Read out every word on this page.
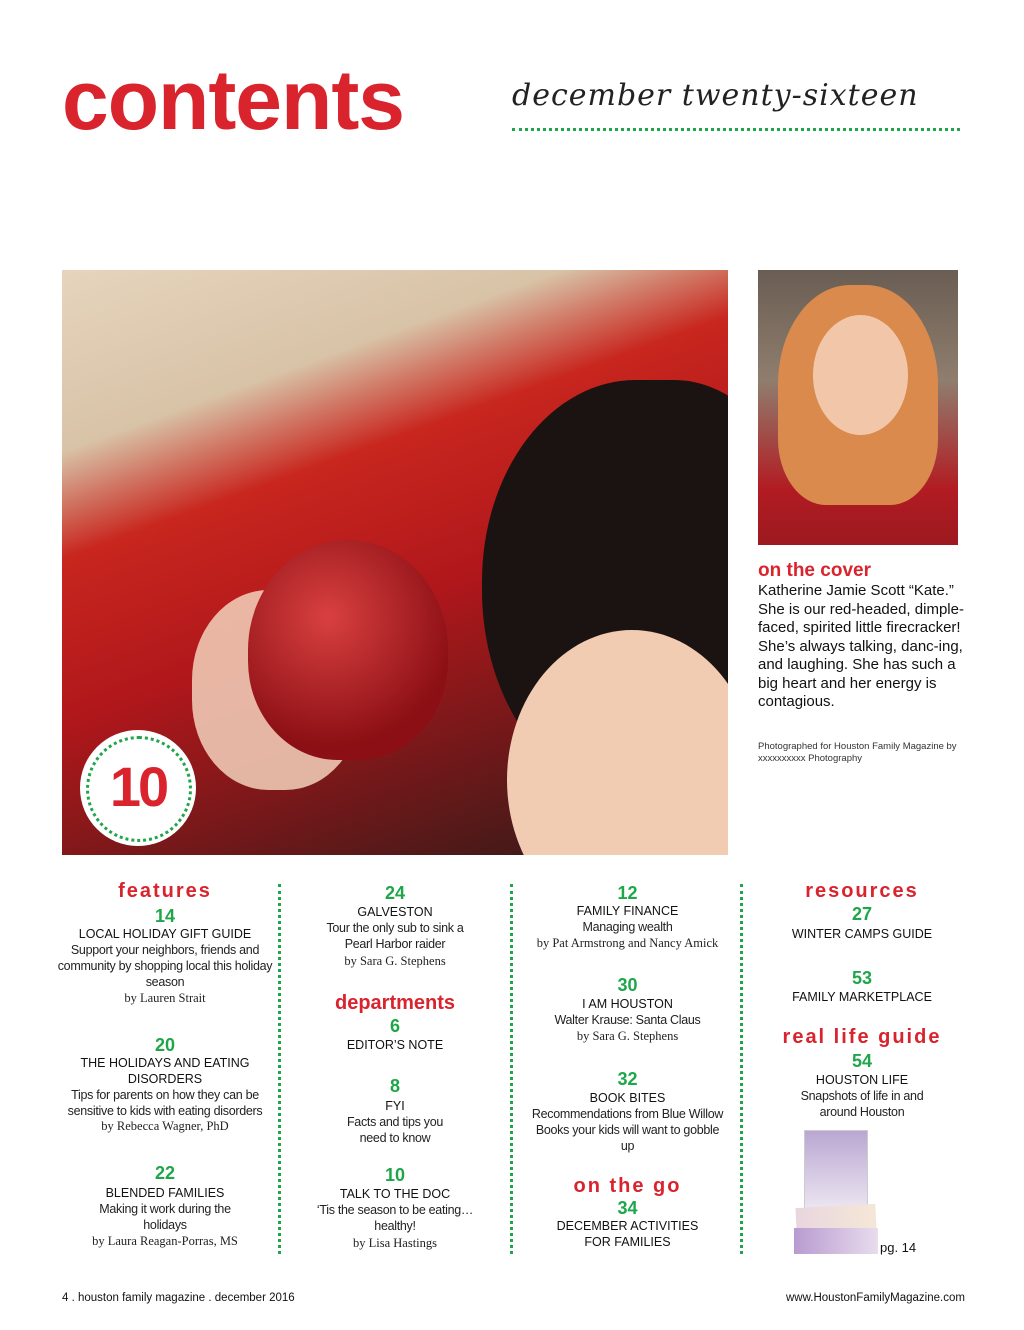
contents	december twenty-sixteen
10
on the cover
Katherine Jamie Scott “Kate.” She is our red-headed, dimple-faced, spirited little firecracker! She’s always talking, danc-ing, and laughing. She has such a big heart and her energy is contagious.
Photographed for Houston Family Magazine by xxxxxxxxxx Photography
features
14
LOCAL HOLIDAY GIFT GUIDE
Support your neighbors, friends and community by shopping local this holiday season
by Lauren Strait
20
THE HOLIDAYS AND EATING DISORDERS
Tips for parents on how they can be sensitive to kids with eating disorders
by Rebecca Wagner, PhD
22
BLENDED FAMILIES
Making it work during the holidays
by Laura Reagan-Porras, MS
24
GALVESTON
Tour the only sub to sink a Pearl Harbor raider
by Sara G. Stephens
departments
6
EDITOR’S NOTE
8
FYI
Facts and tips you need to know
10
TALK TO THE DOC
‘Tis the season to be eating… healthy!
by Lisa Hastings
12
FAMILY FINANCE
Managing wealth
by Pat Armstrong and Nancy Amick
30
I AM HOUSTON
Walter Krause: Santa Claus
by Sara G. Stephens
32
BOOK BITES
Recommendations from Blue Willow Books your kids will want to gobble up
on the go
34
DECEMBER ACTIVITIES FOR FAMILIES
resources
27
WINTER CAMPS GUIDE
53
FAMILY MARKETPLACE
real life guide
54
HOUSTON LIFE
Snapshots of life in and around Houston
pg. 14
4 . houston family magazine . december 2016	www.HoustonFamilyMagazine.com
